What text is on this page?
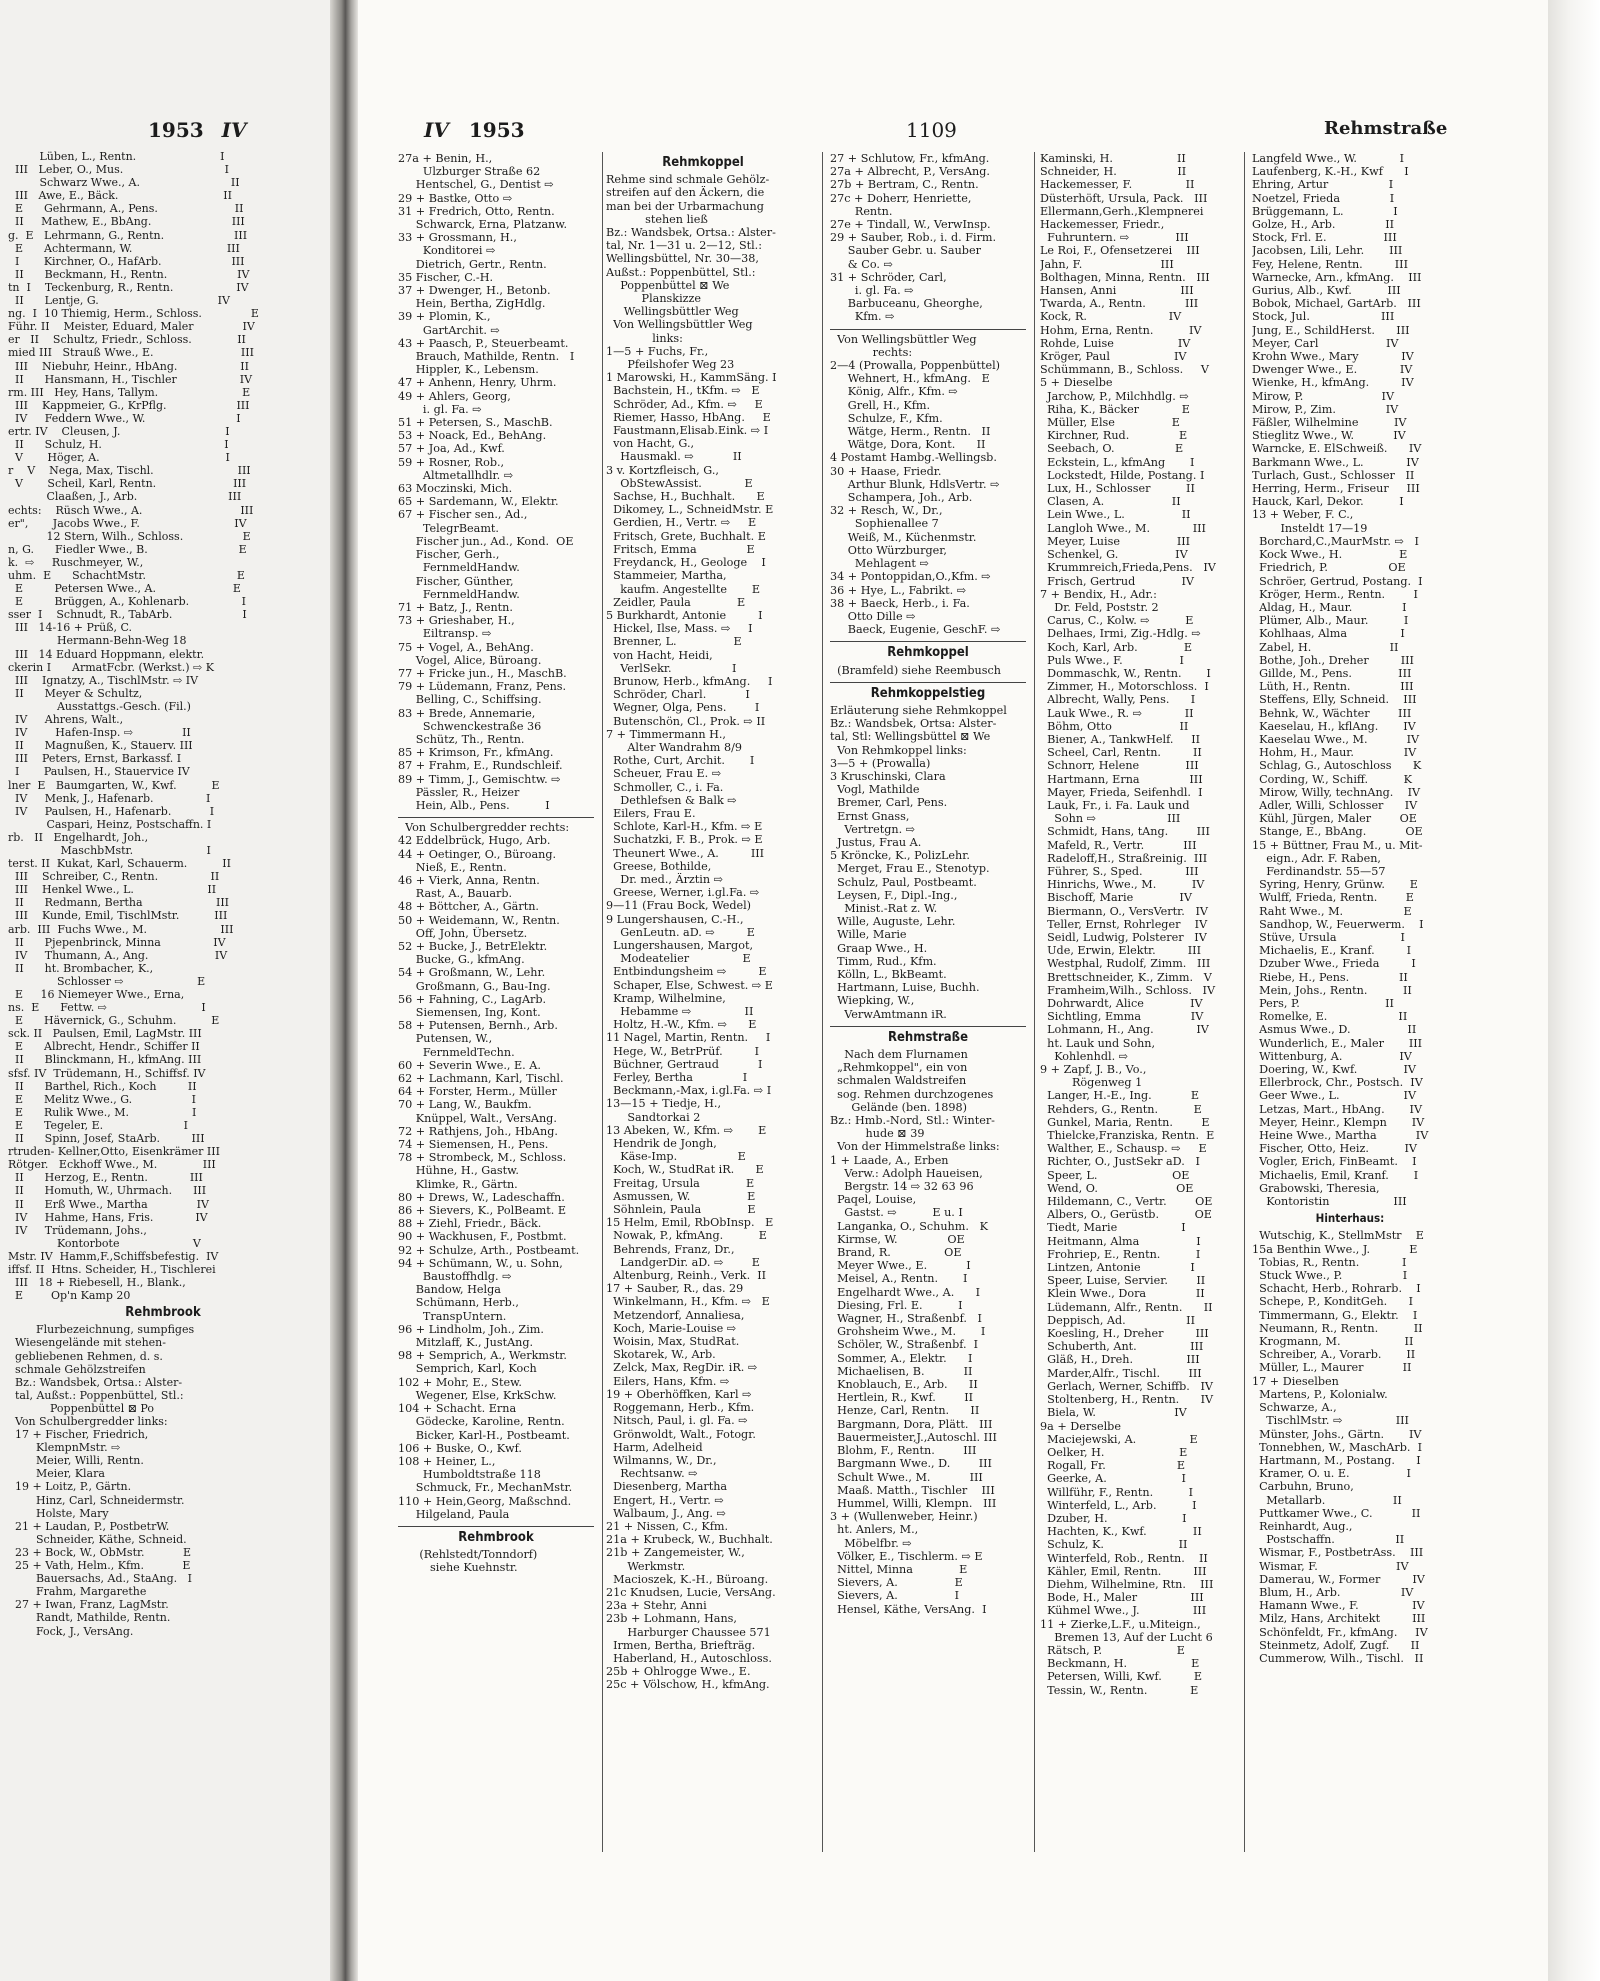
1953 IV
Lüben, L., Rentn.                        I
III   Leber, O., Mus.                             I
Schwarz Wwe., A.                          II
III   Awe, E., Bäck.                              II
E      Gehrmann, A., Pens.                      II
II     Mathew, E., BbAng.                       III
g.  E   Lehrmann, G., Rentn.                    III
E      Achtermann, W.                           III
I       Kirchner, O., HafArb.                    III
II      Beckmann, H., Rentn.                    IV
tn  I    Teckenburg, R., Rentn.                  IV
II      Lentje, G.                                  IV
ng.  I  10 Thiemig, Herm., Schloss.              E
Führ. II    Meister, Eduard, Maler              IV
er   II    Schultz, Friedr., Schloss.             II
mied III   Strauß Wwe., E.                         III
III    Niebuhr, Heinr., HbAng.                  II
II      Hansmann, H., Tischler                  IV
rm. III   Hey, Hans, Tallym.                        E
III    Kappmeier, G., KrPflg.                    III
IV     Feddern Wwe., W.                          I
ertr. IV    Cleusen, J.                              I
II      Schulz, H.                                   I
V       Höger, A.                                    I
r    V    Nega, Max, Tischl.                        III
V       Scheil, Karl, Rentn.                      III
Claaßen, J., Arb.                          III
echts:    Rüsch Wwe., A.                            III
er",       Jacobs Wwe., F.                           IV
12 Stern, Wilh., Schloss.                 E
n, G.      Fiedler Wwe., B.                          E
k.  ⇨     Ruschmeyer, W.,
uhm.  E      SchachtMstr.                          E
E         Petersen Wwe., A.                      E
E         Brüggen, A., Kohlenarb.               I
sser  I    Schnudt, R., TabArb.                    I
III   14-16 + Prüß, C.
Hermann-Behn-Weg 18
III   14 Eduard Hoppmann, elektr.
ckerin I      ArmatFcbr. (Werkst.) ⇨ K
III    Ignatzy, A., TischlMstr. ⇨ IV
II      Meyer & Schultz,
Ausstattgs.-Gesch. (Fil.)
IV     Ahrens, Walt.,
IV        Hafen-Insp. ⇨              II
II      Magnußen, K., Stauerv. III
III    Peters, Ernst, Barkassf. I
I       Paulsen, H., Stauervice IV
lner  E   Baumgarten, W., Kwf.          E
IV     Menk, J., Hafenarb.               I
IV     Paulsen, H., Hafenarb.           I
Caspari, Heinz, Postschaffn. I
rb.   II   Engelhardt, Joh.,
MaschbMstr.                     I
terst. II  Kukat, Karl, Schauerm.          II
III    Schreiber, C., Rentn.               II
III    Henkel Wwe., L.                     II
II      Redmann, Bertha                     III
III    Kunde, Emil, TischlMstr.          III
arb.  III  Fuchs Wwe., M.                     III
II      Pjepenbrinck, Minna               IV
IV     Thumann, A., Ang.                   IV
II      ht. Brombacher, K.,
Schlosser ⇨                     E
E     16 Niemeyer Wwe., Erna,
ns.  E      Fettw. ⇨                           I
E      Hävernick, G., Schuhm.          E
sck. II   Paulsen, Emil, LagMstr. III
E      Albrecht, Hendr., Schiffer II
II      Blinckmann, H., kfmAng. III
sfsf. IV  Trüdemann, H., Schiffsf. IV
II      Barthel, Rich., Koch         II
E      Melitz Wwe., G.                 I
E      Rulik Wwe., M.                  I
E      Tegeler, E.                       I
II      Spinn, Josef, StaArb.         III
rtruden- Kellner,Otto, Eisenkrämer III
Rötger.   Eckhoff Wwe., M.             III
II      Herzog, E., Rentn.            III
II      Homuth, W., Uhrmach.      III
II      Erß Wwe., Martha              IV
IV     Hahme, Hans, Fris.            IV
IV     Trüdemann, Johs.,
Kontorbote                     V
Mstr. IV  Hamm,F.,Schiffsbefestig.  IV
iffsf. II  Htns. Scheider, H., Tischlerei
III   18 + Riebesell, H., Blank.,
E        Op'n Kamp 20
Rehmbrook
Flurbezeichnung, sumpfiges
Wiesengelände mit stehen-
gebliebenen Rehmen, d. s.
schmale Gehölzstreifen
Bz.: Wandsbek, Ortsa.: Alster-
tal, Außst.: Poppenbüttel, Stl.:
Poppenbüttel ⊠ Po
Von Schulbergredder links:
17 + Fischer, Friedrich,
KlempnMstr. ⇨
Meier, Willi, Rentn.
Meier, Klara
19 + Loitz, P., Gärtn.
Hinz, Carl, Schneidermstr.
Holste, Mary
21 + Laudan, P., PostbetrW.
Schneider, Käthe, Schneid.
23 + Bock, W., ObMstr.           E
25 + Vath, Helm., Kfm.           E
Bauersachs, Ad., StaAng.   I
Frahm, Margarethe
27 + Iwan, Franz, LagMstr.
Randt, Mathilde, Rentn.
Fock, J., VersAng.
IV 1953	1109	Rehmstraße
27a + Benin, H.,
Ulzburger Straße 62
Hentschel, G., Dentist ⇨
29 + Bastke, Otto ⇨
31 + Fredrich, Otto, Rentn.
Schwarck, Erna, Platzanw.
33 + Grossmann, H.,
Konditorei ⇨
Dietrich, Gertr., Rentn.
35 Fischer, C.-H.
37 + Dwenger, H., Betonb.
Hein, Bertha, ZigHdlg.
39 + Plomin, K.,
GartArchit. ⇨
43 + Paasch, P., Steuerbeamt.
Brauch, Mathilde, Rentn.   I
Hippler, K., Lebensm.
47 + Anhenn, Henry, Uhrm.
49 + Ahlers, Georg,
i. gl. Fa. ⇨
51 + Petersen, S., MaschB.
53 + Noack, Ed., BehAng.
57 + Joa, Ad., Kwf.
59 + Rosner, Rob.,
Altmetallhdlr. ⇨
63 Moczinski, Mich.
65 + Sardemann, W., Elektr.
67 + Fischer sen., Ad.,
TelegrBeamt.
Fischer jun., Ad., Kond.  OE
Fischer, Gerh.,
FernmeldHandw.
Fischer, Günther,
FernmeldHandw.
71 + Batz, J., Rentn.
73 + Grieshaber, H.,
Eiltransp. ⇨
75 + Vogel, A., BehAng.
Vogel, Alice, Büroang.
77 + Fricke jun., H., MaschB.
79 + Lüdemann, Franz, Pens.
Belling, C., Schiffsing.
83 + Brede, Annemarie,
Schwenckestraße 36
Schütz, Th., Rentn.
85 + Krimson, Fr., kfmAng.
87 + Frahm, E., Rundschleif.
89 + Timm, J., Gemischtw. ⇨
Pässler, R., Heizer
Hein, Alb., Pens.          I
Von Schulbergredder rechts:
42 Eddelbrück, Hugo, Arb.
44 + Oetinger, O., Büroang.
Nieß, E., Rentn.
46 + Vierk, Anna, Rentn.
Rast, A., Bauarb.
48 + Böttcher, A., Gärtn.
50 + Weidemann, W., Rentn.
Off, John, Übersetz.
52 + Bucke, J., BetrElektr.
Bucke, G., kfmAng.
54 + Großmann, W., Lehr.
Großmann, G., Bau-Ing.
56 + Fahning, C., LagArb.
Siemensen, Ing, Kont.
58 + Putensen, Bernh., Arb.
Putensen, W.,
FernmeldTechn.
60 + Severin Wwe., E. A.
62 + Lachmann, Karl, Tischl.
64 + Forster, Herm., Müller
70 + Lang, W., Baukfm.
Knüppel, Walt., VersAng.
72 + Rathjens, Joh., HbAng.
74 + Siemensen, H., Pens.
78 + Strombeck, M., Schloss.
Hühne, H., Gastw.
Klimke, R., Gärtn.
80 + Drews, W., Ladeschaffn.
86 + Sievers, K., PolBeamt. E
88 + Ziehl, Friedr., Bäck.
90 + Wackhusen, F., Postbmt.
92 + Schulze, Arth., Postbeamt.
94 + Schümann, W., u. Sohn,
Baustoffhdlg. ⇨
Bandow, Helga
Schümann, Herb.,
TranspUntern.
96 + Lindholm, Joh., Zim.
Mitzlaff, K., JustAng.
98 + Semprich, A., Werkmstr.
Semprich, Karl, Koch
102 + Mohr, E., Stew.
Wegener, Else, KrkSchw.
104 + Schacht. Erna
Gödecke, Karoline, Rentn.
Bicker, Karl-H., Postbeamt.
106 + Buske, O., Kwf.
108 + Heiner, L.,
Humboldtstraße 118
Schmuck, Fr., MechanMstr.
110 + Hein,Georg, Maßschnd.
Hilgeland, Paula
Rehmbrook
(Rehlstedt/Tonndorf)
siehe Kuehnstr.
Rehmkoppel
Rehme sind schmale Gehölz-
streifen auf den Äckern, die
man bei der Urbarmachung
stehen ließ
Bz.: Wandsbek, Ortsa.: Alster-
tal, Nr. 1—31 u. 2—12, Stl.:
Wellingsbüttel, Nr. 30—38,
Außst.: Poppenbüttel, Stl.:
Poppenbüttel ⊠ We
Planskizze
Wellingsbüttler Weg
Von Wellingsbüttler Weg
links:
1—5 + Fuchs, Fr.,
Pfeilshofer Weg 23
1 Marowski, H., KammSäng. I
Bachstein, H., tKfm. ⇨   E
Schröder, Ad., Kfm. ⇨     E
Riemer, Hasso, HbAng.     E
Faustmann,Elisab.Eink. ⇨ I
von Hacht, G.,
Hausmakl. ⇨           II
3 v. Kortzfleisch, G.,
ObStewAssist.            E
Sachse, H., Buchhalt.      E
Dikomey, L., SchneidMstr. E
Gerdien, H., Vertr. ⇨     E
Fritsch, Grete, Buchhalt. E
Fritsch, Emma              E
Freydanck, H., Geologe    I
Stammeier, Martha,
kaufm. Angestellte       E
Zeidler, Paula             E
5 Burkhardt, Antonie         I
Hickel, Ilse, Mass. ⇨     I
Brenner, L.                E
von Hacht, Heidi,
VerlSekr.                 I
Brunow, Herb., kfmAng.     I
Schröder, Charl.           I
Wegner, Olga, Pens.        I
Butenschön, Cl., Prok. ⇨ II
7 + Timmermann H.,
Alter Wandrahm 8/9
Rothe, Curt, Archit.       I
Scheuer, Frau E. ⇨
Schmoller, C., i. Fa.
Dethlefsen & Balk ⇨
Eilers, Frau E.
Schlote, Karl-H., Kfm. ⇨ E
Suchatzki, F. B., Prok. ⇨ E
Theunert Wwe., A.         III
Greese, Bothilde,
Dr. med., Ärztin ⇨
Greese, Werner, i.gl.Fa. ⇨
9—11 (Frau Bock, Wedel)
9 Lungershausen, C.-H.,
GenLeutn. aD. ⇨         E
Lungershausen, Margot,
Modeatelier               E
Entbindungsheim ⇨         E
Schaper, Else, Schwest. ⇨ E
Kramp, Wilhelmine,
Hebamme ⇨               II
Holtz, H.-W., Kfm. ⇨      E
11 Nagel, Martin, Rentn.     I
Hege, W., BetrPrüf.         I
Büchner, Gertraud           I
Ferley, Bertha              I
Beckmann,-Max, i.gl.Fa. ⇨ I
13—15 + Tiedje, H.,
Sandtorkai 2
13 Abeken, W., Kfm. ⇨       E
Hendrik de Jongh,
Käse-Imp.                 E
Koch, W., StudRat iR.      E
Freitag, Ursula             E
Asmussen, W.                E
Söhnlein, Paula             E
15 Helm, Emil, RbObInsp.   E
Nowak, P., kfmAng.          E
Behrends, Franz, Dr.,
LandgerDir. aD. ⇨        E
Altenburg, Reinh., Verk.  II
17 + Sauber, R., das. 29
Winkelmann, H., Kfm. ⇨   E
Metzendorf, Annaliesa,
Koch, Marie-Louise ⇨
Woisin, Max, StudRat.
Skotarek, W., Arb.
Zelck, Max, RegDir. iR. ⇨
Eilers, Hans, Kfm. ⇨
19 + Oberhöffken, Karl ⇨
Roggemann, Herb., Kfm.
Nitsch, Paul, i. gl. Fa. ⇨
Grönwoldt, Walt., Fotogr.
Harm, Adelheid
Wilmanns, W., Dr.,
Rechtsanw. ⇨
Diesenberg, Martha
Engert, H., Vertr. ⇨
Walbaum, J., Ang. ⇨
21 + Nissen, C., Kfm.
21a + Krubeck, W., Buchhalt.
21b + Zangemeister, W.,
Werkmstr.
Macioszek, K.-H., Büroang.
21c Knudsen, Lucie, VersAng.
23a + Stehr, Anni
23b + Lohmann, Hans,
Harburger Chaussee 571
Irmen, Bertha, Briefträg.
Haberland, H., Autoschloss.
25b + Ohlrogge Wwe., E.
25c + Völschow, H., kfmAng.
27 + Schlutow, Fr., kfmAng.
27a + Albrecht, P., VersAng.
27b + Bertram, C., Rentn.
27c + Doherr, Henriette,
Rentn.
27e + Tindall, W., VerwInsp.
29 + Sauber, Rob., i. d. Firm.
Sauber Gebr. u. Sauber
& Co. ⇨
31 + Schröder, Carl,
i. gl. Fa. ⇨
Barbuceanu, Gheorghe,
Kfm. ⇨
Von Wellingsbüttler Weg
rechts:
2—4 (Prowalla, Poppenbüttel)
Wehnert, H., kfmAng.   E
König, Alfr., Kfm. ⇨
Grell, H., Kfm.
Schulze, F., Kfm.
Wätge, Herm., Rentn.   II
Wätge, Dora, Kont.      II
4 Postamt Hambg.-Wellingsb.
30 + Haase, Friedr.
Arthur Blunk, HdlsVertr. ⇨
Schampera, Joh., Arb.
32 + Resch, W., Dr.,
Sophienallee 7
Weiß, M., Küchenmstr.
Otto Würzburger,
Mehlagent ⇨
34 + Pontoppidan,O.,Kfm. ⇨
36 + Hye, L., Fabrikt. ⇨
38 + Baeck, Herb., i. Fa.
Otto Dille ⇨
Baeck, Eugenie, GeschF. ⇨
Rehmkoppel
(Bramfeld) siehe Reembusch
Rehmkoppelstieg
Erläuterung siehe Rehmkoppel
Bz.: Wandsbek, Ortsa: Alster-
tal, Stl: Wellingsbüttel ⊠ We
Von Rehmkoppel links:
3—5 + (Prowalla)
3 Kruschinski, Clara
Vogl, Mathilde
Bremer, Carl, Pens.
Ernst Gnass,
Vertretgn. ⇨
Justus, Frau A.
5 Kröncke, K., PolizLehr.
Merget, Frau E., Stenotyp.
Schulz, Paul, Postbeamt.
Leysen, F., Dipl.-Ing.,
Minist.-Rat z. W.
Wille, Auguste, Lehr.
Wille, Marie
Graap Wwe., H.
Timm, Rud., Kfm.
Kölln, L., BkBeamt.
Hartmann, Luise, Buchh.
Wiepking, W.,
VerwAmtmann iR.
Rehmstraße
Nach dem Flurnamen
„Rehmkoppel", ein von
schmalen Waldstreifen
sog. Rehmen durchzogenes
Gelände (ben. 1898)
Bz.: Hmb.-Nord, Stl.: Winter-
hude ⊠ 39
Von der Himmelstraße links:
1 + Laade, A., Erben
Verw.: Adolph Haueisen,
Bergstr. 14 ⇨ 32 63 96
Paqel, Louise,
Gastst. ⇨          E u. I
Langanka, O., Schuhm.   K
Kirmse, W.              OE
Brand, R.               OE
Meyer Wwe., E.           I
Meisel, A., Rentn.       I
Engelhardt Wwe., A.      I
Diesing, Frl. E.          I
Wagner, H., Straßenbf.   I
Grohsheim Wwe., M.       I
Schöler, W., Straßenbf.  I
Sommer, A., Elektr.      I
Michaelisen, B.           II
Knoblauch, E., Arb.      II
Hertlein, R., Kwf.        II
Henze, Carl, Rentn.      II
Bargmann, Dora, Plätt.   III
Bauermeister,J.,Autoschl. III
Blohm, F., Rentn.        III
Bargmann Wwe., D.        III
Schult Wwe., M.           III
Maaß. Matth., Tischler    III
Hummel, Willi, Klempn.   III
3 + (Wullenweber, Heinr.)
ht. Anlers, M.,
Möbelfbr. ⇨
Völker, E., Tischlerm. ⇨ E
Nittel, Minna             E
Sievers, A.                E
Sievers, A.                I
Hensel, Käthe, VersAng.  I
Kaminski, H.                  II
Schneider, H.                 II
Hackemesser, F.               II
Düsterhöft, Ursula, Pack.   III
Ellermann,Gerh.,Klempnerei
Hackemesser, Friedr.,
Fuhruntern. ⇨             III
Le Roi, F., Ofensetzerei    III
Jahn, F.                      III
Bolthagen, Minna, Rentn.   III
Hansen, Anni                  III
Twarda, A., Rentn.           III
Kock, R.                       IV
Hohm, Erna, Rentn.          IV
Rohde, Luise                  IV
Kröger, Paul                  IV
Schümmann, B., Schloss.     V
5 + Dieselbe
Jarchow, P., Milchhdlg. ⇨
Riha, K., Bäcker            E
Müller, Else                E
Kirchner, Rud.              E
Seebach, O.                 E
Eckstein, L., kfmAng       I
Lockstedt, Hilde, Postang. I
Lux, H., Schlosser          II
Clasen, A.                   II
Lein Wwe., L.                II
Langloh Wwe., M.            III
Meyer, Luise                III
Schenkel, G.                IV
Krummreich,Frieda,Pens.   IV
Frisch, Gertrud             IV
7 + Bendix, H., Adr.:
Dr. Feld, Poststr. 2
Carus, C., Kolw. ⇨          E
Delhaes, Irmi, Zig.-Hdlg. ⇨
Koch, Karl, Arb.             E
Puls Wwe., F.                I
Dommaschk, W., Rentn.       I
Zimmer, H., Motorschloss.  I
Albrecht, Wally, Pens.      I
Lauk Wwe., R. ⇨            II
Böhm, Otto                   II
Biener, A., TankwHelf.     II
Scheel, Carl, Rentn.         II
Schnorr, Helene             III
Hartmann, Erna              III
Mayer, Frieda, Seifenhdl.  I
Lauk, Fr., i. Fa. Lauk und
Sohn ⇨                    III
Schmidt, Hans, tAng.        III
Mafeld, R., Vertr.           III
Radeloff,H., Straßreinig.  III
Führer, S., Sped.            III
Hinrichs, Wwe., M.          IV
Bischoff, Marie             IV
Biermann, O., VersVertr.   IV
Teller, Ernst, Rohrleger    IV
Seidl, Ludwig, Polsterer   IV
Ude, Erwin, Elektr.         III
Westphal, Rudolf, Zimm.   III
Brettschneider, K., Zimm.   V
Framheim,Wilh., Schloss.   IV
Dohrwardt, Alice             IV
Sichtling, Emma              IV
Lohmann, H., Ang.            IV
ht. Lauk und Sohn,
Kohlenhdl. ⇨
9 + Zapf, J. B., Vo.,
Rögenweg 1
Langer, H.-E., Ing.           E
Rehders, G., Rentn.          E
Gunkel, Maria, Rentn.        E
Thielcke,Franziska, Rentn.  E
Walther, E., Schausp. ⇨     E
Richter, O., JustSekr aD.   I
Speer, L.                     OE
Wend, O.                      OE
Hildemann, C., Vertr.        OE
Albers, O., Gerüstb.          OE
Tiedt, Marie                  I
Heitmann, Alma                I
Frohriep, E., Rentn.          I
Lintzen, Antonie              I
Speer, Luise, Servier.        II
Klein Wwe., Dora              II
Lüdemann, Alfr., Rentn.      II
Deppisch, Ad.                 II
Koesling, H., Dreher         III
Schuberth, Ant.               III
Gläß, H., Dreh.               III
Marder,Alfr., Tischl.        III
Gerlach, Werner, Schiffb.   IV
Stoltenberg, H., Rentn.      IV
Biela, W.                      IV
9a + Derselbe
Maciejewski, A.               E
Oelker, H.                     E
Rogall, Fr.                    E
Geerke, A.                     I
Willführ, F., Rentn.          I
Winterfeld, L., Arb.          I
Dzuber, H.                     I
Hachten, K., Kwf.             II
Schulz, K.                     II
Winterfeld, Rob., Rentn.    II
Kähler, Emil, Rentn.         III
Diehm, Wilhelmine, Rtn.    III
Bode, H., Maler               III
Kühmel Wwe., J.               III
11 + Zierke,L.F., u.Miteign.,
Bremen 13, Auf der Lucht 6
Rätsch, P.                     E
Beckmann, H.                  E
Petersen, Willi, Kwf.         E
Tessin, W., Rentn.            E
Langfeld Wwe., W.            I
Laufenberg, K.-H., Kwf      I
Ehring, Artur                 I
Noetzel, Frieda              I
Brüggemann, L.              I
Golze, H., Arb.              II
Stock, Frl. E.                III
Jacobsen, Lili, Lehr.       III
Fey, Helene, Rentn.         III
Warnecke, Arn., kfmAng.    III
Gurius, Alb., Kwf.          III
Bobok, Michael, GartArb.   III
Stock, Jul.                    III
Jung, E., SchildHerst.      III
Meyer, Carl                   IV
Krohn Wwe., Mary            IV
Dwenger Wwe., E.            IV
Wienke, H., kfmAng.         IV
Mirow, P.                      IV
Mirow, P., Zim.              IV
Fäßler, Wilhelmine          IV
Stieglitz Wwe., W.           IV
Warncke, E. ElSchweiß.      IV
Barkmann Wwe., L.            IV
Turlach, Gust., Schlosser   II
Herring, Herm., Friseur     III
Hauck, Karl, Dekor.          I
13 + Weber, F. C.,
Insteldt 17—19
Borchard,C.,MaurMstr. ⇨   I
Kock Wwe., H.                E
Friedrich, P.                 OE
Schröer, Gertrud, Postang.  I
Kröger, Herm., Rentn.        I
Aldag, H., Maur.              I
Plümer, Alb., Maur.          I
Kohlhaas, Alma               I
Zabel, H.                      II
Bothe, Joh., Dreher         III
Gillde, M., Pens.             III
Lüth, H., Rentn.              III
Steffens, Elly, Schneid.    III
Behnk, W., Wächter        III
Kaeselau, H., kflAng.       IV
Kaeselau Wwe., M.           IV
Hohm, H., Maur.              IV
Schlag, G., Autoschloss      K
Cording, W., Schiff.          K
Mirow, Willy, technAng.    IV
Adler, Willi, Schlosser      IV
Kühl, Jürgen, Maler        OE
Stange, E., BbAng.           OE
15 + Büttner, Frau M., u. Mit-
eign., Adr. F. Raben,
Ferdinandstr. 55—57
Syring, Henry, Grünw.       E
Wulff, Frieda, Rentn.        E
Raht Wwe., M.                 E
Sandhop, W., Feuerwerm.    I
Stüve, Ursula                  I
Michaelis, E., Kranf.         I
Dzuber Wwe., Frieda         I
Riebe, H., Pens.              II
Mein, Johs., Rentn.          II
Pers, P.                        II
Romelke, E.                    II
Asmus Wwe., D.                II
Wunderlich, E., Maler       III
Wittenburg, A.                IV
Doering, W., Kwf.             IV
Ellerbrock, Chr., Postsch.  IV
Geer Wwe., L.                  IV
Letzas, Mart., HbAng.       IV
Meyer, Heinr., Klempn       IV
Heine Wwe., Martha           IV
Fischer, Otto, Heiz.          IV
Vogler, Erich, FinBeamt.    I
Michaelis, Emil, Kranf.       I
Grabowski, Theresia,
Kontoristin                  III
Hinterhaus:
Wutschig, K., StellmMstr    E
15a Benthin Wwe., J.           E
Tobias, R., Rentn.            I
Stuck Wwe., P.                 I
Schacht, Herb., Rohrarb.    I
Schepe, P., KonditGeh.      I
Timmermann, G., Elektr.    I
Neumann, R., Rentn.          II
Krogmann, M.                  II
Schreiber, A., Vorarb.       II
Müller, L., Maurer           II
17 + Dieselben
Martens, P., Kolonialw.
Schwarze, A.,
TischlMstr. ⇨               III
Münster, Johs., Gärtn.       IV
Tonnebhen, W., MaschArb.  I
Hartmann, M., Postang.      I
Kramer, O. u. E.                I
Carbuhn, Bruno,
Metallarb.                   II
Puttkamer Wwe., C.           II
Reinhardt, Aug.,
Postschaffn.                 II
Wismar, F., PostbetrAss.    III
Wismar, F.                      IV
Damerau, W., Former         IV
Blum, H., Arb.                 IV
Hamann Wwe., F.               IV
Milz, Hans, Architekt         III
Schönfeldt, Fr., kfmAng.     IV
Steinmetz, Adolf, Zugf.      II
Cummerow, Wilh., Tischl.   II
